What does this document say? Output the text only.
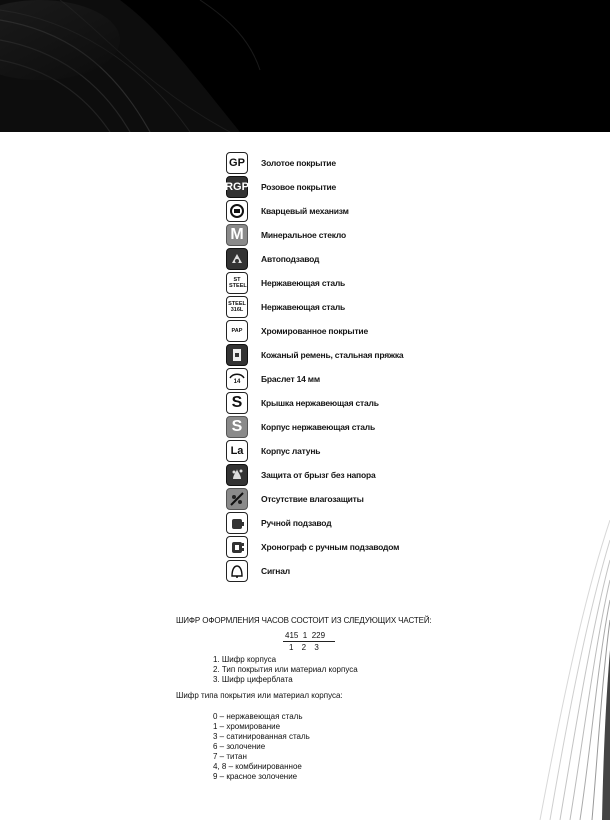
GP Золотое покрытие
RGP Розовое покрытие
Кварцевый механизм
M Минеральное стекло
Автоподзавод
ST STEEL Нержавеющая сталь
STEEL 316L	Нержавеющая сталь
PAP Хромированное покрытие
Кожаный ремень, стальная пряжка
14 Браслет 14 мм
S Крышка нержавеющая сталь
S Корпус нержавеющая сталь
Lа Корпус латунь
Защита от брызг без напора
Отсутствие влагозащиты
Ручной подзавод
Хронограф с ручным подзаводом
Сигнал
ШИФР ОФОРМЛЕНИЯ ЧАСОВ СОСТОИТ ИЗ СЛЕДУЮЩИХ ЧАСТЕЙ:
415  1  229
1 2 3
1. Шифр корпуса
2. Тип покрытия или материал корпуса
3. Шифр циферблата
Шифр типа покрытия или материал корпуса:
0 – нержавеющая сталь
1 – хромирование
3 – сатинированная сталь
6 – золочение
7 – титан
4, 8 – комбинированное
9 – красное золочение
